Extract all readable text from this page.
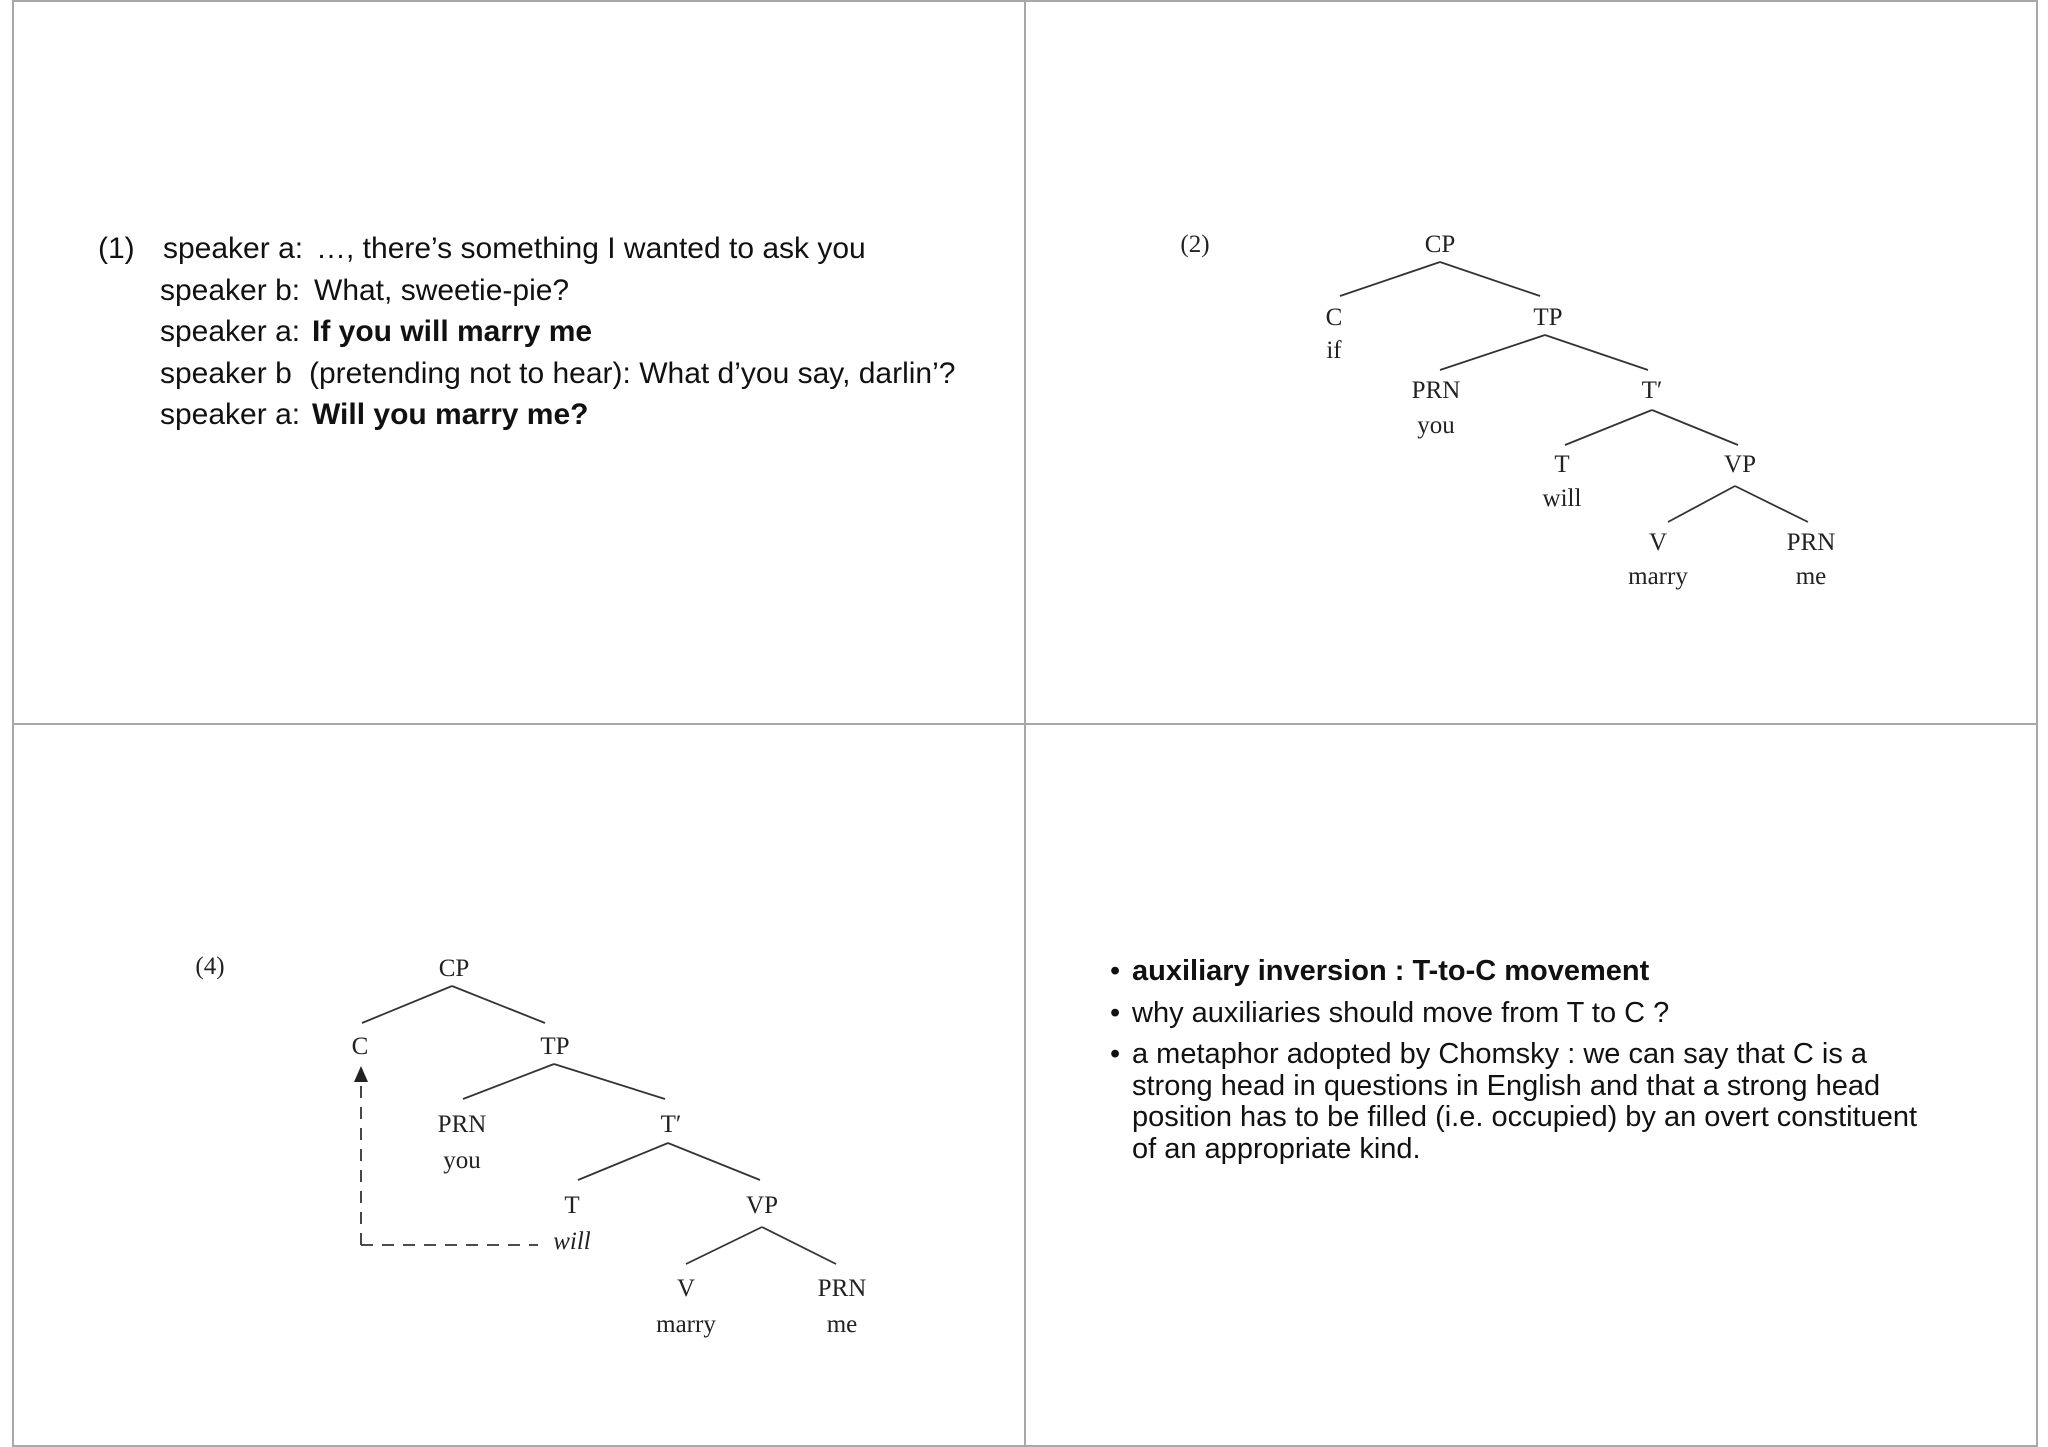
(1) speaker a: …, there’s something I wanted to ask you
speaker b: What, sweetie-pie?
speaker a: If you will marry me
speaker b (pretending not to hear): What d’you say, darlin’?
speaker a: Will you marry me?
(2)	CP
C
if
TP
PRN
you
T′
T
will
VP
V
marry
PRN
me
(4)	CP
C	TP
PRN
you
T′
T
will
VP
V
marry
PRN
me
• auxiliary inversion : T-to-C movement
• why auxiliaries should move from T to C ?
• a metaphor adopted by Chomsky : we can say that C is a strong head in questions in English and that a strong head position has to be filled (i.e. occupied) by an overt constituent of an appropriate kind.
